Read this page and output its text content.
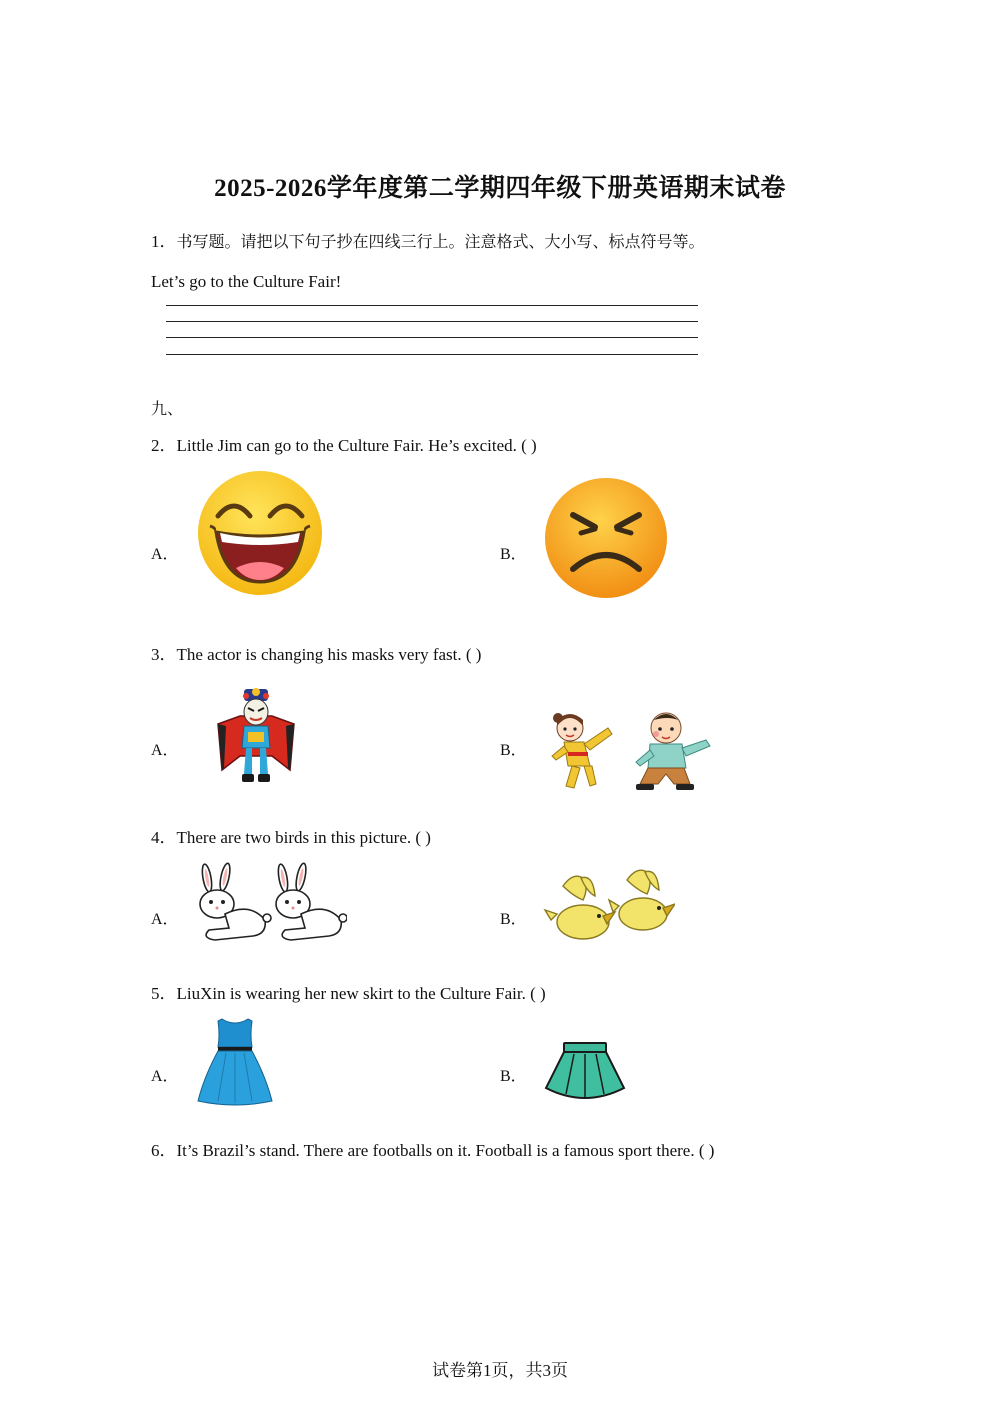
2025-2026学年度第二学期四年级下册英语期末试卷
1．书写题。请把以下句子抄在四线三行上。注意格式、大小写、标点符号等。
Let’s go to the Culture Fair!
九、
2．Little Jim can go to the Culture Fair. He’s excited. ( )
A．	B．
3．The actor is changing his masks very fast. ( )
A．	B．
4．There are two birds in this picture. ( )
A．	B．
5．LiuXin is wearing her new skirt to the Culture Fair. ( )
A．	B．
6．It’s Brazil’s stand. There are footballs on it. Football is a famous sport there. ( )
试卷第1页，共3页
